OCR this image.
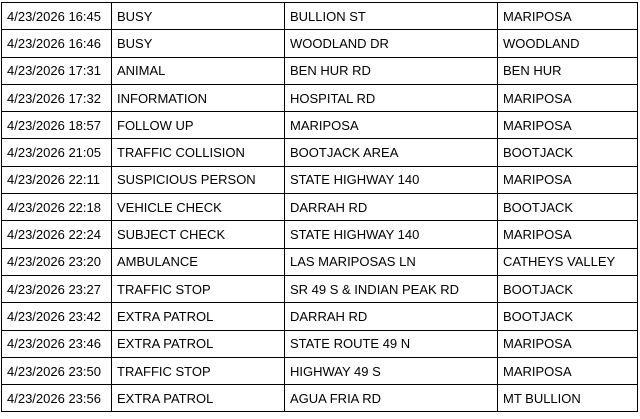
4/23/2026 16:45	BUSY	BULLION ST	MARIPOSA
4/23/2026 16:46	BUSY	WOODLAND DR	WOODLAND
4/23/2026 17:31	ANIMAL	BEN HUR RD	BEN HUR
4/23/2026 17:32	INFORMATION	HOSPITAL RD	MARIPOSA
4/23/2026 18:57	FOLLOW UP	MARIPOSA	MARIPOSA
4/23/2026 21:05	TRAFFIC COLLISION	BOOTJACK AREA	BOOTJACK
4/23/2026 22:11	SUSPICIOUS PERSON	STATE HIGHWAY 140	MARIPOSA
4/23/2026 22:18	VEHICLE CHECK	DARRAH RD	BOOTJACK
4/23/2026 22:24	SUBJECT CHECK	STATE HIGHWAY 140	MARIPOSA
4/23/2026 23:20	AMBULANCE	LAS MARIPOSAS LN	CATHEYS VALLEY
4/23/2026 23:27	TRAFFIC STOP	SR 49 S & INDIAN PEAK RD	BOOTJACK
4/23/2026 23:42	EXTRA PATROL	DARRAH RD	BOOTJACK
4/23/2026 23:46	EXTRA PATROL	STATE ROUTE 49 N	MARIPOSA
4/23/2026 23:50	TRAFFIC STOP	HIGHWAY 49 S	MARIPOSA
4/23/2026 23:56	EXTRA PATROL	AGUA FRIA RD	MT BULLION
